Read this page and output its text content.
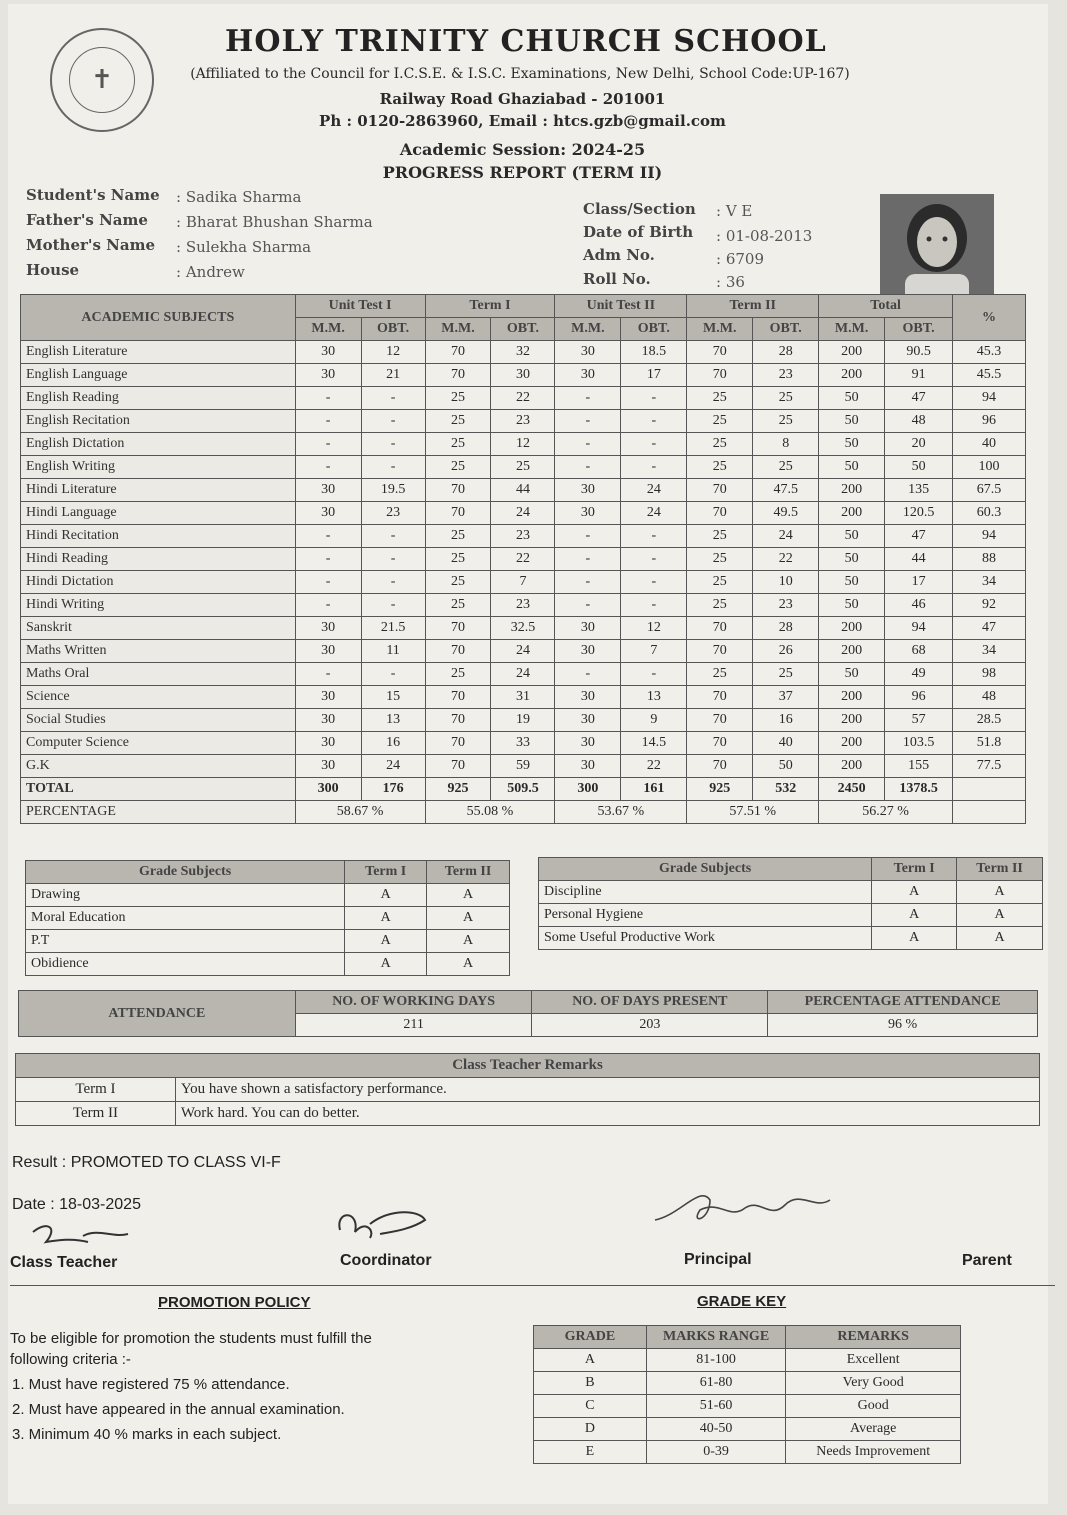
✝
HOLY TRINITY CHURCH SCHOOL
(Affiliated to the Council for I.C.S.E. & I.S.C. Examinations, New Delhi, School Code:UP-167)
Railway Road Ghaziabad - 201001
Ph : 0120-2863960, Email : htcs.gzb@gmail.com
Academic Session: 2024-25
PROGRESS REPORT (TERM II)
Student's Name : Sadika Sharma
Father's Name : Bharat Bhushan Sharma
Mother's Name : Sulekha Sharma
House	: Andrew
Class/Section : V E
Date of Birth : 01-08-2013
Adm No.	: 6709
Roll No.	: 36
ACADEMIC SUBJECTS	Unit Test I		Term I		Unit Test II		Term II		Total		%
	M.M.	OBT.	M.M.	OBT.	M.M.	OBT.	M.M.	OBT.	M.M.	OBT.	
English Literature	30	12	70	32	30	18.5	70	28	200	90.5	45.3
English Language	30	21	70	30	30	17	70	23	200	91	45.5
English Reading	-	-	25	22	-	-	25	25	50	47	94
English Recitation	-	-	25	23	-	-	25	25	50	48	96
English Dictation	-	-	25	12	-	-	25	8	50	20	40
English Writing	-	-	25	25	-	-	25	25	50	50	100
Hindi Literature	30	19.5	70	44	30	24	70	47.5	200	135	67.5
Hindi Language	30	23	70	24	30	24	70	49.5	200	120.5	60.3
Hindi Recitation	-	-	25	23	-	-	25	24	50	47	94
Hindi Reading	-	-	25	22	-	-	25	22	50	44	88
Hindi Dictation	-	-	25	7	-	-	25	10	50	17	34
Hindi Writing	-	-	25	23	-	-	25	23	50	46	92
Sanskrit	30	21.5	70	32.5	30	12	70	28	200	94	47
Maths Written	30	11	70	24	30	7	70	26	200	68	34
Maths Oral	-	-	25	24	-	-	25	25	50	49	98
Science	30	15	70	31	30	13	70	37	200	96	48
Social Studies	30	13	70	19	30	9	70	16	200	57	28.5
Computer Science	30	16	70	33	30	14.5	70	40	200	103.5	51.8
G.K	30	24	70	59	30	22	70	50	200	155	77.5
TOTAL	300	176	925	509.5	300	161	925	532	2450	1378.5	
PERCENTAGE	58.67 %		55.08 %		53.67 %		57.51 %		56.27 %		
Grade Subjects	Term I	Term II
Drawing	A	A
Moral Education	A	A
P.T	A	A
Obidience	A	A
Grade Subjects	Term I	Term II
Discipline	A	A
Personal Hygiene	A	A
Some Useful Productive Work	A	A
ATTENDANCE	NO. OF WORKING DAYS	NO. OF DAYS PRESENT	PERCENTAGE ATTENDANCE
	211	203	96 %
Class Teacher Remarks	
Term I	You have shown a satisfactory performance.
Term II	Work hard. You can do better.
Result : PROMOTED TO CLASS VI-F
Date : 18-03-2025
Class Teacher	Coordinator	Principal	Parent
PROMOTION POLICY
To be eligible for promotion the students must fulfill the
following criteria :-
1. Must have registered 75 % attendance.
2. Must have appeared in the annual examination.
3. Minimum 40 % marks in each subject.
GRADE KEY
GRADE	MARKS RANGE	REMARKS
A	81-100	Excellent
B	61-80	Very Good
C	51-60	Good
D	40-50	Average
E	0-39	Needs Improvement
